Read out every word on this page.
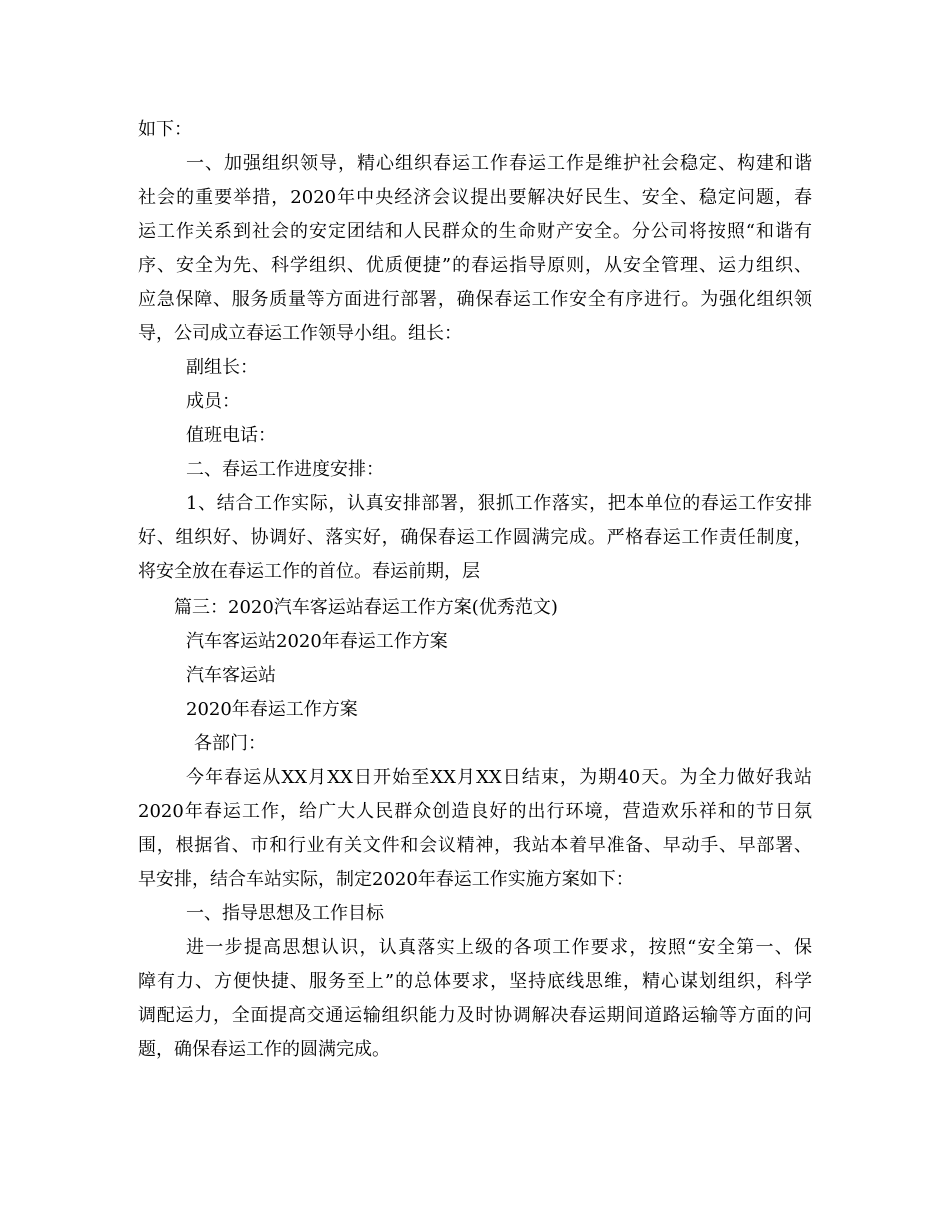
如下：
一、加强组织领导，精心组织春运工作春运工作是维护社会稳定、构建和谐
社会的重要举措，2020年中央经济会议提出要解决好民生、安全、稳定问题，春
运工作关系到社会的安定团结和人民群众的生命财产安全。分公司将按照“和谐有
序、安全为先、科学组织、优质便捷”的春运指导原则，从安全管理、运力组织、
应急保障、服务质量等方面进行部署，确保春运工作安全有序进行。为强化组织领
导，公司成立春运工作领导小组。组长：
副组长：
成员：
值班电话：
二、春运工作进度安排：
1、结合工作实际，认真安排部署，狠抓工作落实，把本单位的春运工作安排
好、组织好、协调好、落实好，确保春运工作圆满完成。严格春运工作责任制度，
将安全放在春运工作的首位。春运前期，层
篇三：2020汽车客运站春运工作方案(优秀范文)
汽车客运站2020年春运工作方案
汽车客运站
2020年春运工作方案
各部门：
今年春运从XX月XX日开始至XX月XX日结束，为期40天。为全力做好我站
2020年春运工作，给广大人民群众创造良好的出行环境，营造欢乐祥和的节日氛
围，根据省、市和行业有关文件和会议精神，我站本着早准备、早动手、早部署、
早安排，结合车站实际，制定2020年春运工作实施方案如下：
一、指导思想及工作目标
进一步提高思想认识，认真落实上级的各项工作要求，按照“安全第一、保
障有力、方便快捷、服务至上”的总体要求，坚持底线思维，精心谋划组织，科学
调配运力，全面提高交通运输组织能力及时协调解决春运期间道路运输等方面的问
题，确保春运工作的圆满完成。
